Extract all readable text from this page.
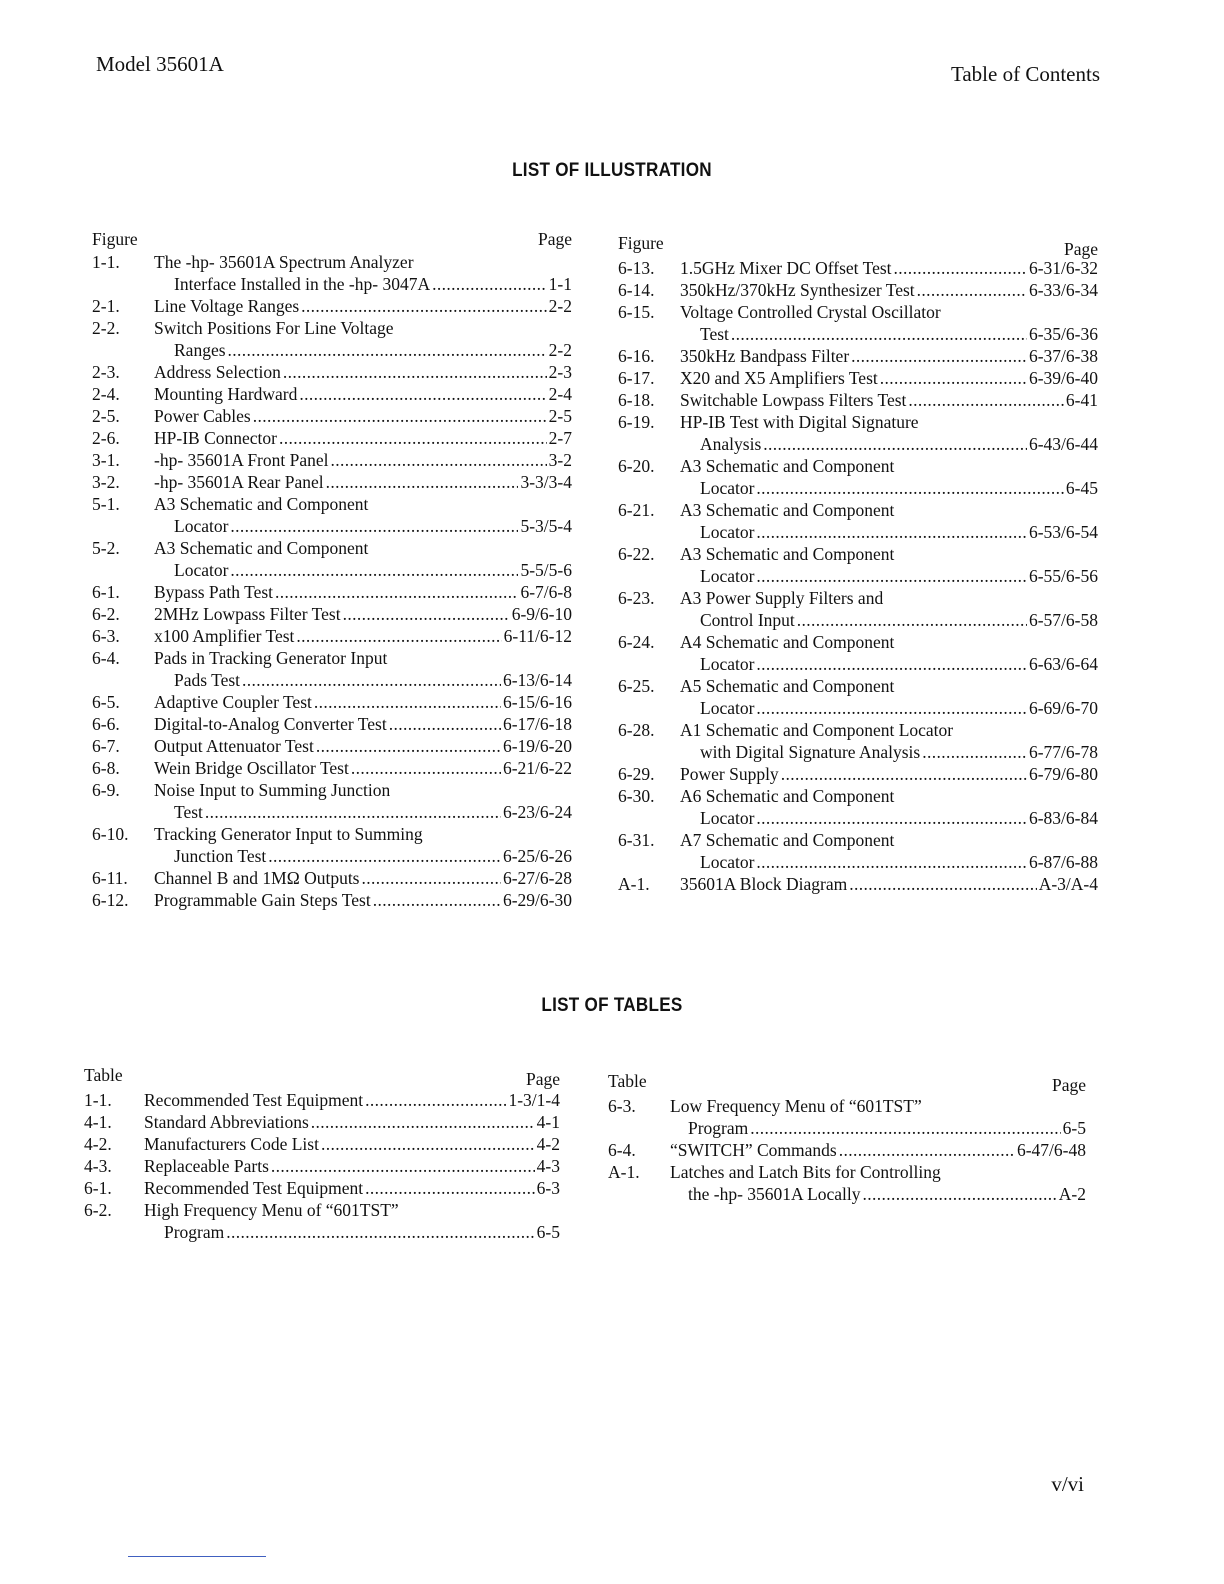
Model 35601A	Table of Contents
LIST OF ILLUSTRATION
Figure	Page
1-1. The -hp- 35601A Spectrum Analyzer
Interface Installed in the -hp- 3047A . . .	1-1
2-1. Line Voltage Ranges . . .	2-2
2-2. Switch Positions For Line Voltage
Ranges . . .	2-2
2-3. Address Selection . . .	2-3
2-4. Mounting Hardward . . .	2-4
2-5. Power Cables . . .	2-5
2-6. HP-IB Connector . . .	2-7
3-1. -hp- 35601A Front Panel . . .	3-2
3-2. -hp- 35601A Rear Panel . . .	3-3/3-4
5-1. A3 Schematic and Component
Locator . . .	5-3/5-4
5-2. A3 Schematic and Component
Locator . . .	5-5/5-6
6-1. Bypass Path Test . . .	6-7/6-8
6-2. 2MHz Lowpass Filter Test . . .	6-9/6-10
6-3. x100 Amplifier Test . . .	6-11/6-12
6-4. Pads in Tracking Generator Input
Pads Test . . .	6-13/6-14
6-5. Adaptive Coupler Test . . .	6-15/6-16
6-6. Digital-to-Analog Converter Test . . .	6-17/6-18
6-7. Output Attenuator Test . . .	6-19/6-20
6-8. Wein Bridge Oscillator Test . . .	6-21/6-22
6-9. Noise Input to Summing Junction
Test . . .	6-23/6-24
6-10. Tracking Generator Input to Summing
Junction Test . . .	6-25/6-26
6-11. Channel B and 1MΩ Outputs . . .	6-27/6-28
6-12. Programmable Gain Steps Test . . .	6-29/6-30
Figure	Page
6-13. 1.5GHz Mixer DC Offset Test . . .	6-31/6-32
6-14. 350kHz/370kHz Synthesizer Test . . .	6-33/6-34
6-15. Voltage Controlled Crystal Oscillator
Test . . .	6-35/6-36
6-16. 350kHz Bandpass Filter . . .	6-37/6-38
6-17. X20 and X5 Amplifiers Test . . .	6-39/6-40
6-18. Switchable Lowpass Filters Test . . .	6-41
6-19. HP-IB Test with Digital Signature
Analysis . . .	6-43/6-44
6-20. A3 Schematic and Component
Locator . . .	6-45
6-21. A3 Schematic and Component
Locator . . .	6-53/6-54
6-22. A3 Schematic and Component
Locator . . .	6-55/6-56
6-23. A3 Power Supply Filters and
Control Input . . .	6-57/6-58
6-24. A4 Schematic and Component
Locator . . .	6-63/6-64
6-25. A5 Schematic and Component
Locator . . .	6-69/6-70
6-28. A1 Schematic and Component Locator
with Digital Signature Analysis . . .	6-77/6-78
6-29. Power Supply . . .	6-79/6-80
6-30. A6 Schematic and Component
Locator . . .	6-83/6-84
6-31. A7 Schematic and Component
Locator . . .	6-87/6-88
A-1. 35601A Block Diagram . . .	A-3/A-4
LIST OF TABLES
Table	Page
1-1. Recommended Test Equipment . . .	1-3/1-4
4-1. Standard Abbreviations . . .	4-1
4-2. Manufacturers Code List . . .	4-2
4-3. Replaceable Parts . . .	4-3
6-1. Recommended Test Equipment . . .	6-3
6-2. High Frequency Menu of “601TST”
Program . . .	6-5
Table	Page
6-3. Low Frequency Menu of “601TST”
Program . . .	6-5
6-4. “SWITCH” Commands . . .	6-47/6-48
A-1. Latches and Latch Bits for Controlling
the -hp- 35601A Locally . . .	A-2
v/vi
